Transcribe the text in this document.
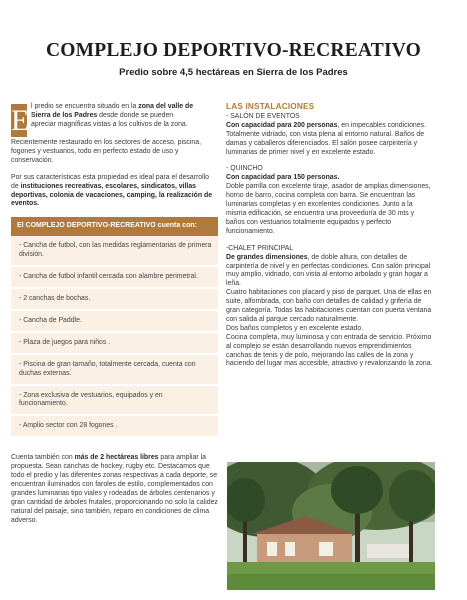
COMPLEJO DEPORTIVO-RECREATIVO
Predio sobre 4,5 hectáreas en Sierra de los Padres
E l predio se encuentra situado en la zona del valle de
Sierra de los Padres desde donde se pueden
apreciar magníficas vistas a los cultivos de la zona.

Recientemente restaurado en los sectores de acceso, piscina, fogones y vestuarios, todo en perfecto estado de uso y conservación.

Por sus características esta propiedad es ideal para el desarrollo de instituciones recreativas, escolares, sindicatos, villas deportivas, colonia de vacaciones, camping, la realización de eventos.

El COMPLEJO DEPORTIVO-RECREATIVO cuenta con:
- Cancha de futbol, con las medidas reglamentarias de primera división.
- Cancha de futbol infantil cercada con alambre perimetral.
- 2 canchas de bochas.
- Cancha de Paddle.
- Plaza de juegos para niños .
- Piscina de gran tamaño, totalmente cercada, cuenta con duchas externas.
- Zona exclusiva de vestuarios, equipados y en funcionamiento.
- Amplio sector con 28 fogones .

Cuenta también con más de 2 hectáreas libres para ampliar la propuesta. Sean canchas de hockey, rugby etc. Destacamos que todo el predio y las diferentes zonas respectivas a cada deporte, se encuentran iluminados con faroles de estilo, complementados con grandes luminarias tipo viales y rodeadas de árboles centenarios y gran cantidad de árboles frutales, proporcionando no solo la calidez natural del paisaje, sino también, reparo en condiciones de clima adverso.

LAS INSTALACIONES
- SALÓN DE EVENTOS

Con capacidad para 200 personas, en impecables condiciones.
Totalmente vidriado, con vista plena al entorno natural. Baños de damas y caballeros diferenciados. El salón posee carpintería y luminarias de primer nivel y en excelente estado.

- QUINCHO

Con capacidad para 150 personas.
Doble parrilla con excelente tiraje, asador de amplias dimensiones, horno de barro, cocina completa con barra. Se encuentran las luminarias completas y en excelentes condiciones. Junto a la misma edificación, se encuentra una proveeduría de 30 mts y baños con vestuarios totalmente equipados y perfecto funcionamiento.

-CHALET PRINCIPAL

De grandes dimensiones, de doble altura, con detalles de carpintería de nivel y en perfectas condiciones. Con salón principal muy amplio, vidriado, con vista al entorno arbolado y gran hogar a leña.
Cuatro habitaciones con placard y piso de parquet. Una de ellas en suite, alfombrada, con baño con detalles de calidad y grifería de gran categoría. Todas las habitaciones cuentan con puerta ventana con salida al parque cercado naturalmente.
Dos baños completos y en excelente estado.
Cocina completa, muy luminosa y con entrada de servicio. Próximo al complejo se están desarrollando nuevos emprendimientos canchas de tenis y de polo, mejorando las calles de la zona y haciendo del lugar mas accesible, atractivo y revalorizando la zona.
